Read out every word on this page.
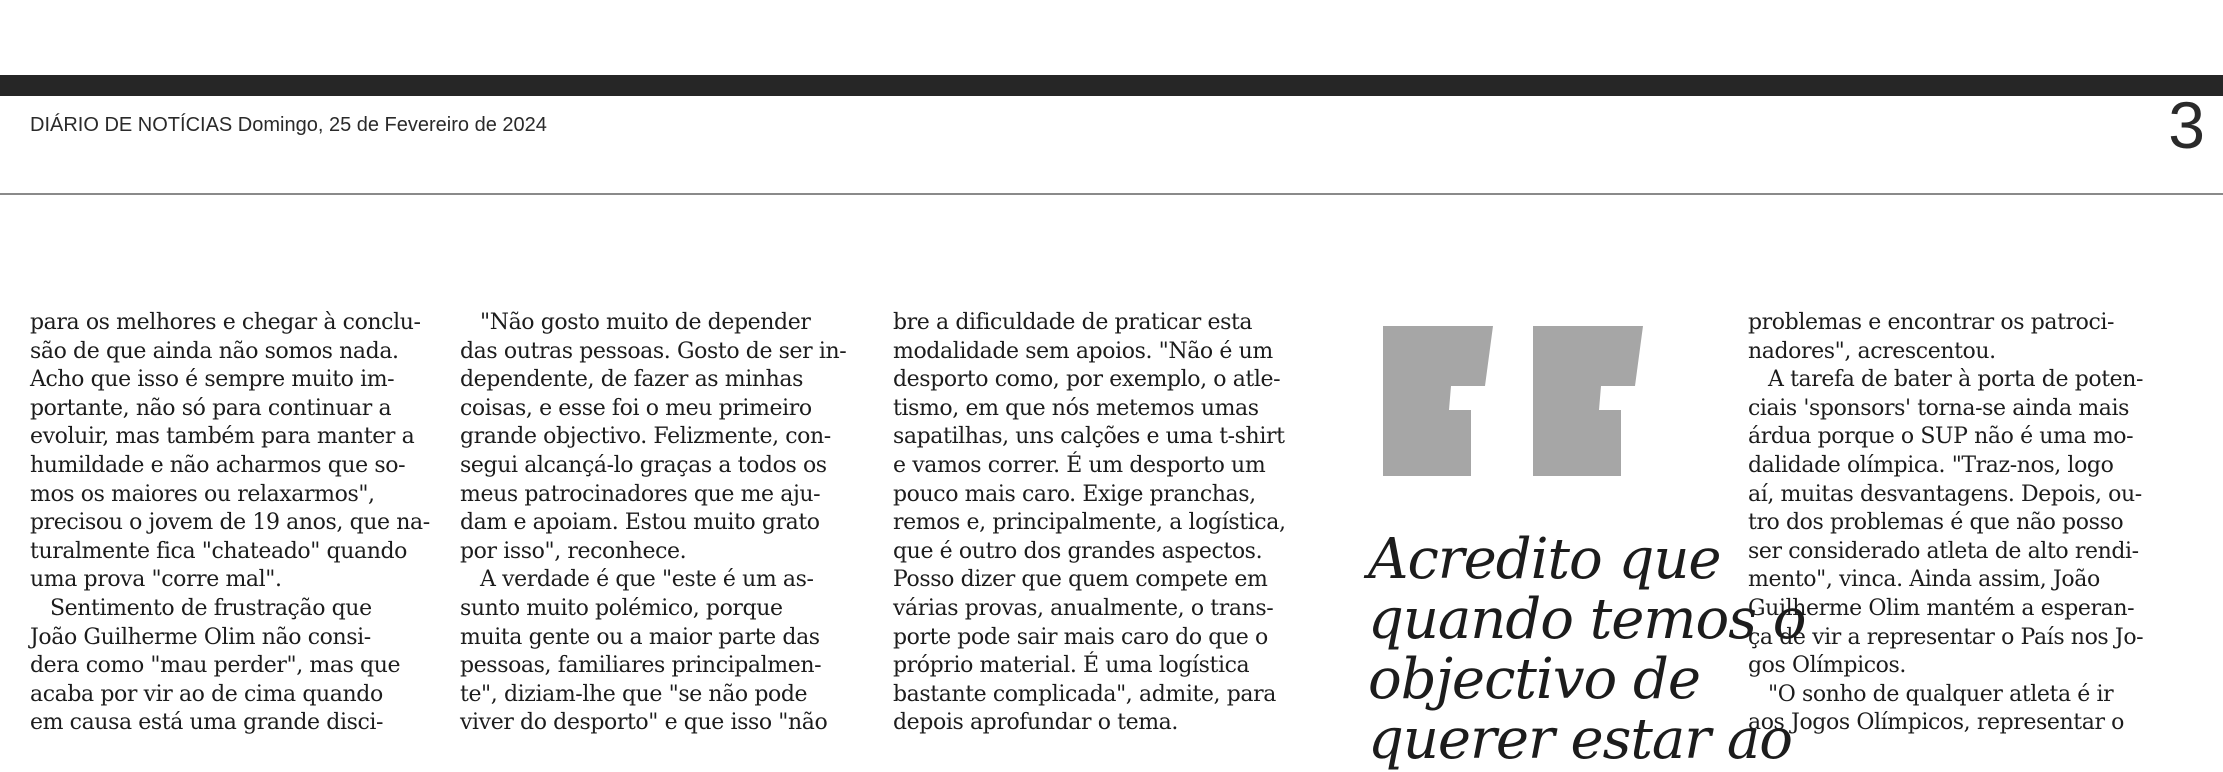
DIÁRIO DE NOTÍCIAS Domingo, 25 de Fevereiro de 2024	3

para os melhores e chegar à conclu-

são de que ainda não somos nada.

Acho que isso é sempre muito im-

portante, não só para continuar a

evoluir, mas também para manter a

humildade e não acharmos que so-

mos os maiores ou relaxarmos",

precisou o jovem de 19 anos, que na-

turalmente fica "chateado" quando

uma prova "corre mal".

Sentimento de frustração que

João Guilherme Olim não consi-

dera como "mau perder", mas que

acaba por vir ao de cima quando

em causa está uma grande disci-

"Não gosto muito de depender

das outras pessoas. Gosto de ser in-

dependente, de fazer as minhas

coisas, e esse foi o meu primeiro

grande objectivo. Felizmente, con-

segui alcançá-lo graças a todos os

meus patrocinadores que me aju-

dam e apoiam. Estou muito grato

por isso", reconhece.

A verdade é que "este é um as-

sunto muito polémico, porque

muita gente ou a maior parte das

pessoas, familiares principalmen-

te", diziam-lhe que "se não pode

viver do desporto" e que isso "não

bre a dificuldade de praticar esta

modalidade sem apoios. "Não é um

desporto como, por exemplo, o atle-

tismo, em que nós metemos umas

sapatilhas, uns calções e uma t-shirt

e vamos correr. É um desporto um

pouco mais caro. Exige pranchas,

remos e, principalmente, a logística,

que é outro dos grandes aspectos.

Posso dizer que quem compete em

várias provas, anualmente, o trans-

porte pode sair mais caro do que o

próprio material. É uma logística

bastante complicada", admite, para

depois aprofundar o tema.

Acredito que
quando temos o
objectivo de
querer estar ao

problemas e encontrar os patroci-

nadores", acrescentou.

A tarefa de bater à porta de poten-

ciais 'sponsors' torna-se ainda mais

árdua porque o SUP não é uma mo-

dalidade olímpica. "Traz-nos, logo

aí, muitas desvantagens. Depois, ou-

tro dos problemas é que não posso

ser considerado atleta de alto rendi-

mento", vinca. Ainda assim, João

Guilherme Olim mantém a esperan-

ça de vir a representar o País nos Jo-

gos Olímpicos.

"O sonho de qualquer atleta é ir

aos Jogos Olímpicos, representar o
